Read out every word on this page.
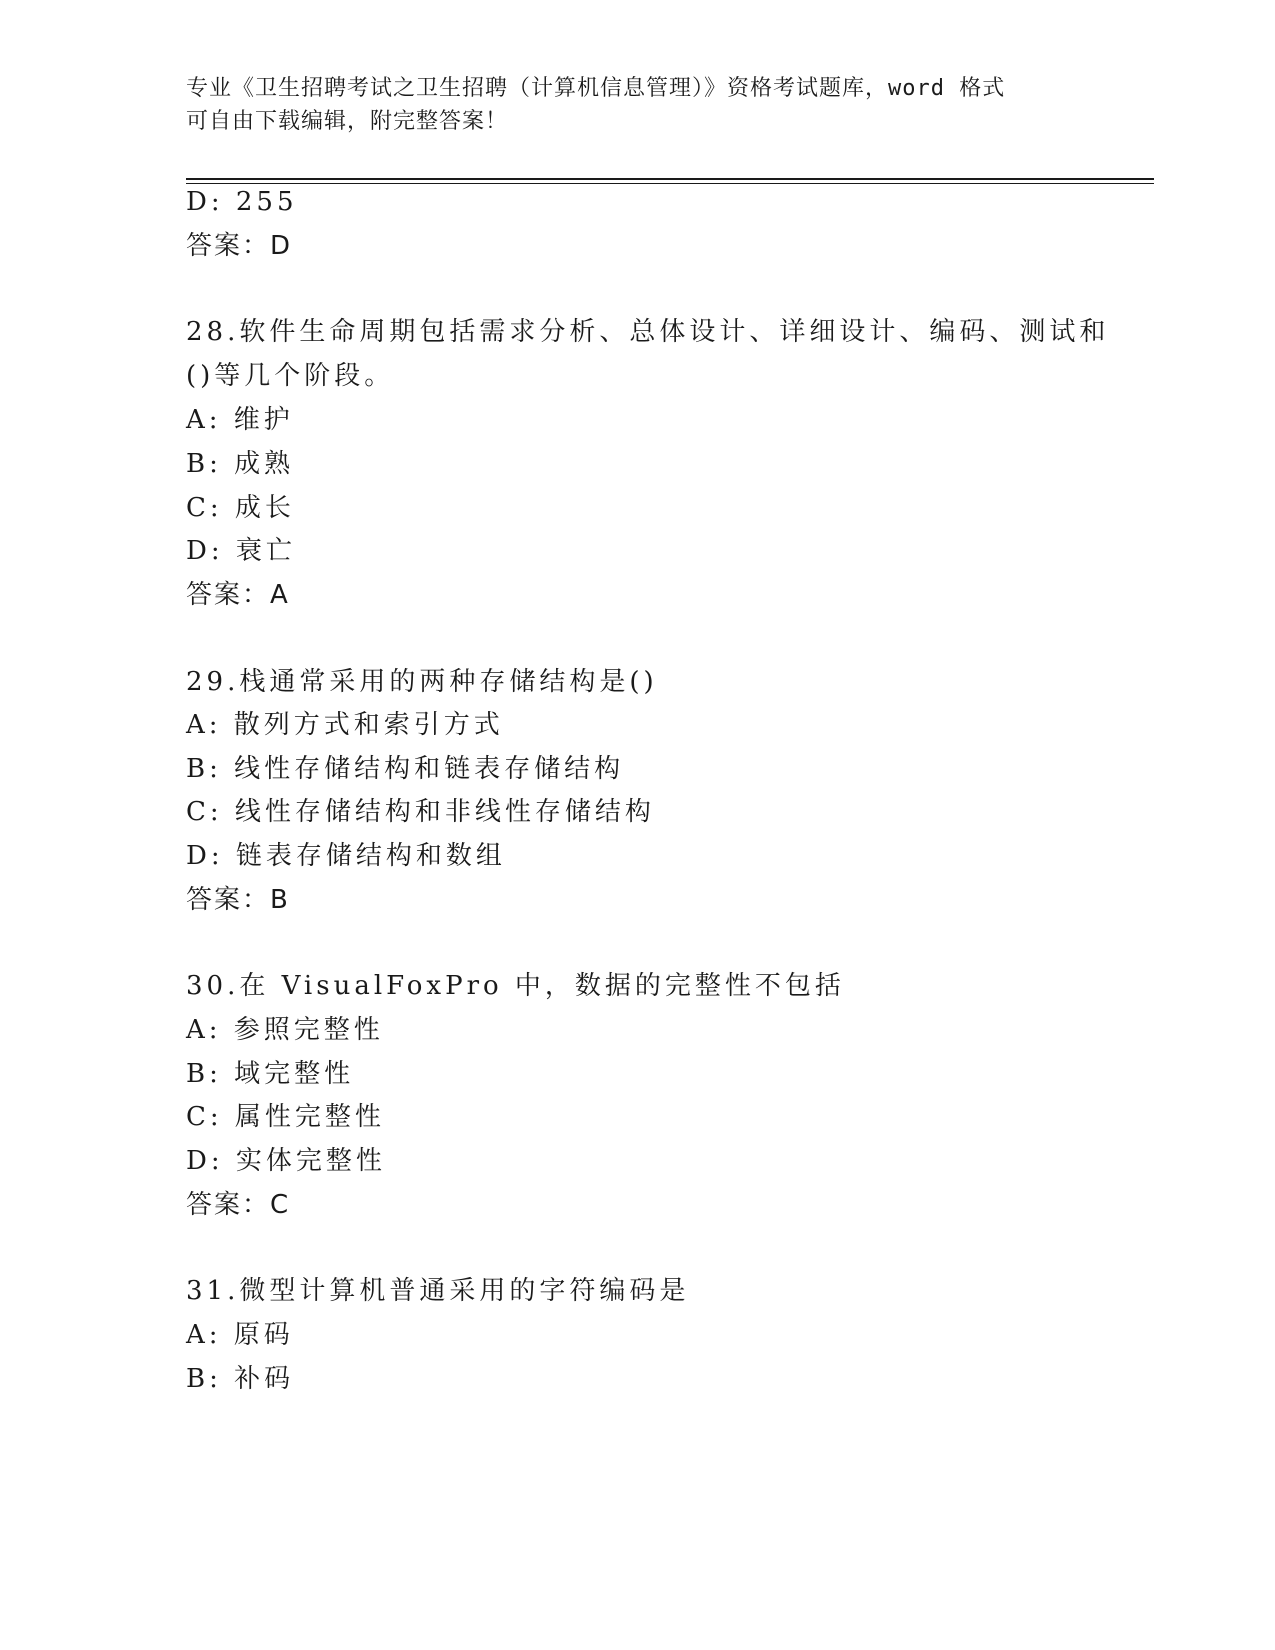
专业《卫生招聘考试之卫生招聘（计算机信息管理）》资格考试题库，word 格式
可自由下载编辑，附完整答案！
D: 255
答案：D
28.软件生命周期包括需求分析、总体设计、详细设计、编码、测试和
()等几个阶段。
A: 维护
B: 成熟
C: 成长
D: 衰亡
答案：A
29.栈通常采用的两种存储结构是()
A: 散列方式和索引方式
B: 线性存储结构和链表存储结构
C: 线性存储结构和非线性存储结构
D: 链表存储结构和数组
答案：B
30.在 VisualFoxPro 中，数据的完整性不包括
A: 参照完整性
B: 域完整性
C: 属性完整性
D: 实体完整性
答案：C
31.微型计算机普通采用的字符编码是
A: 原码
B: 补码
